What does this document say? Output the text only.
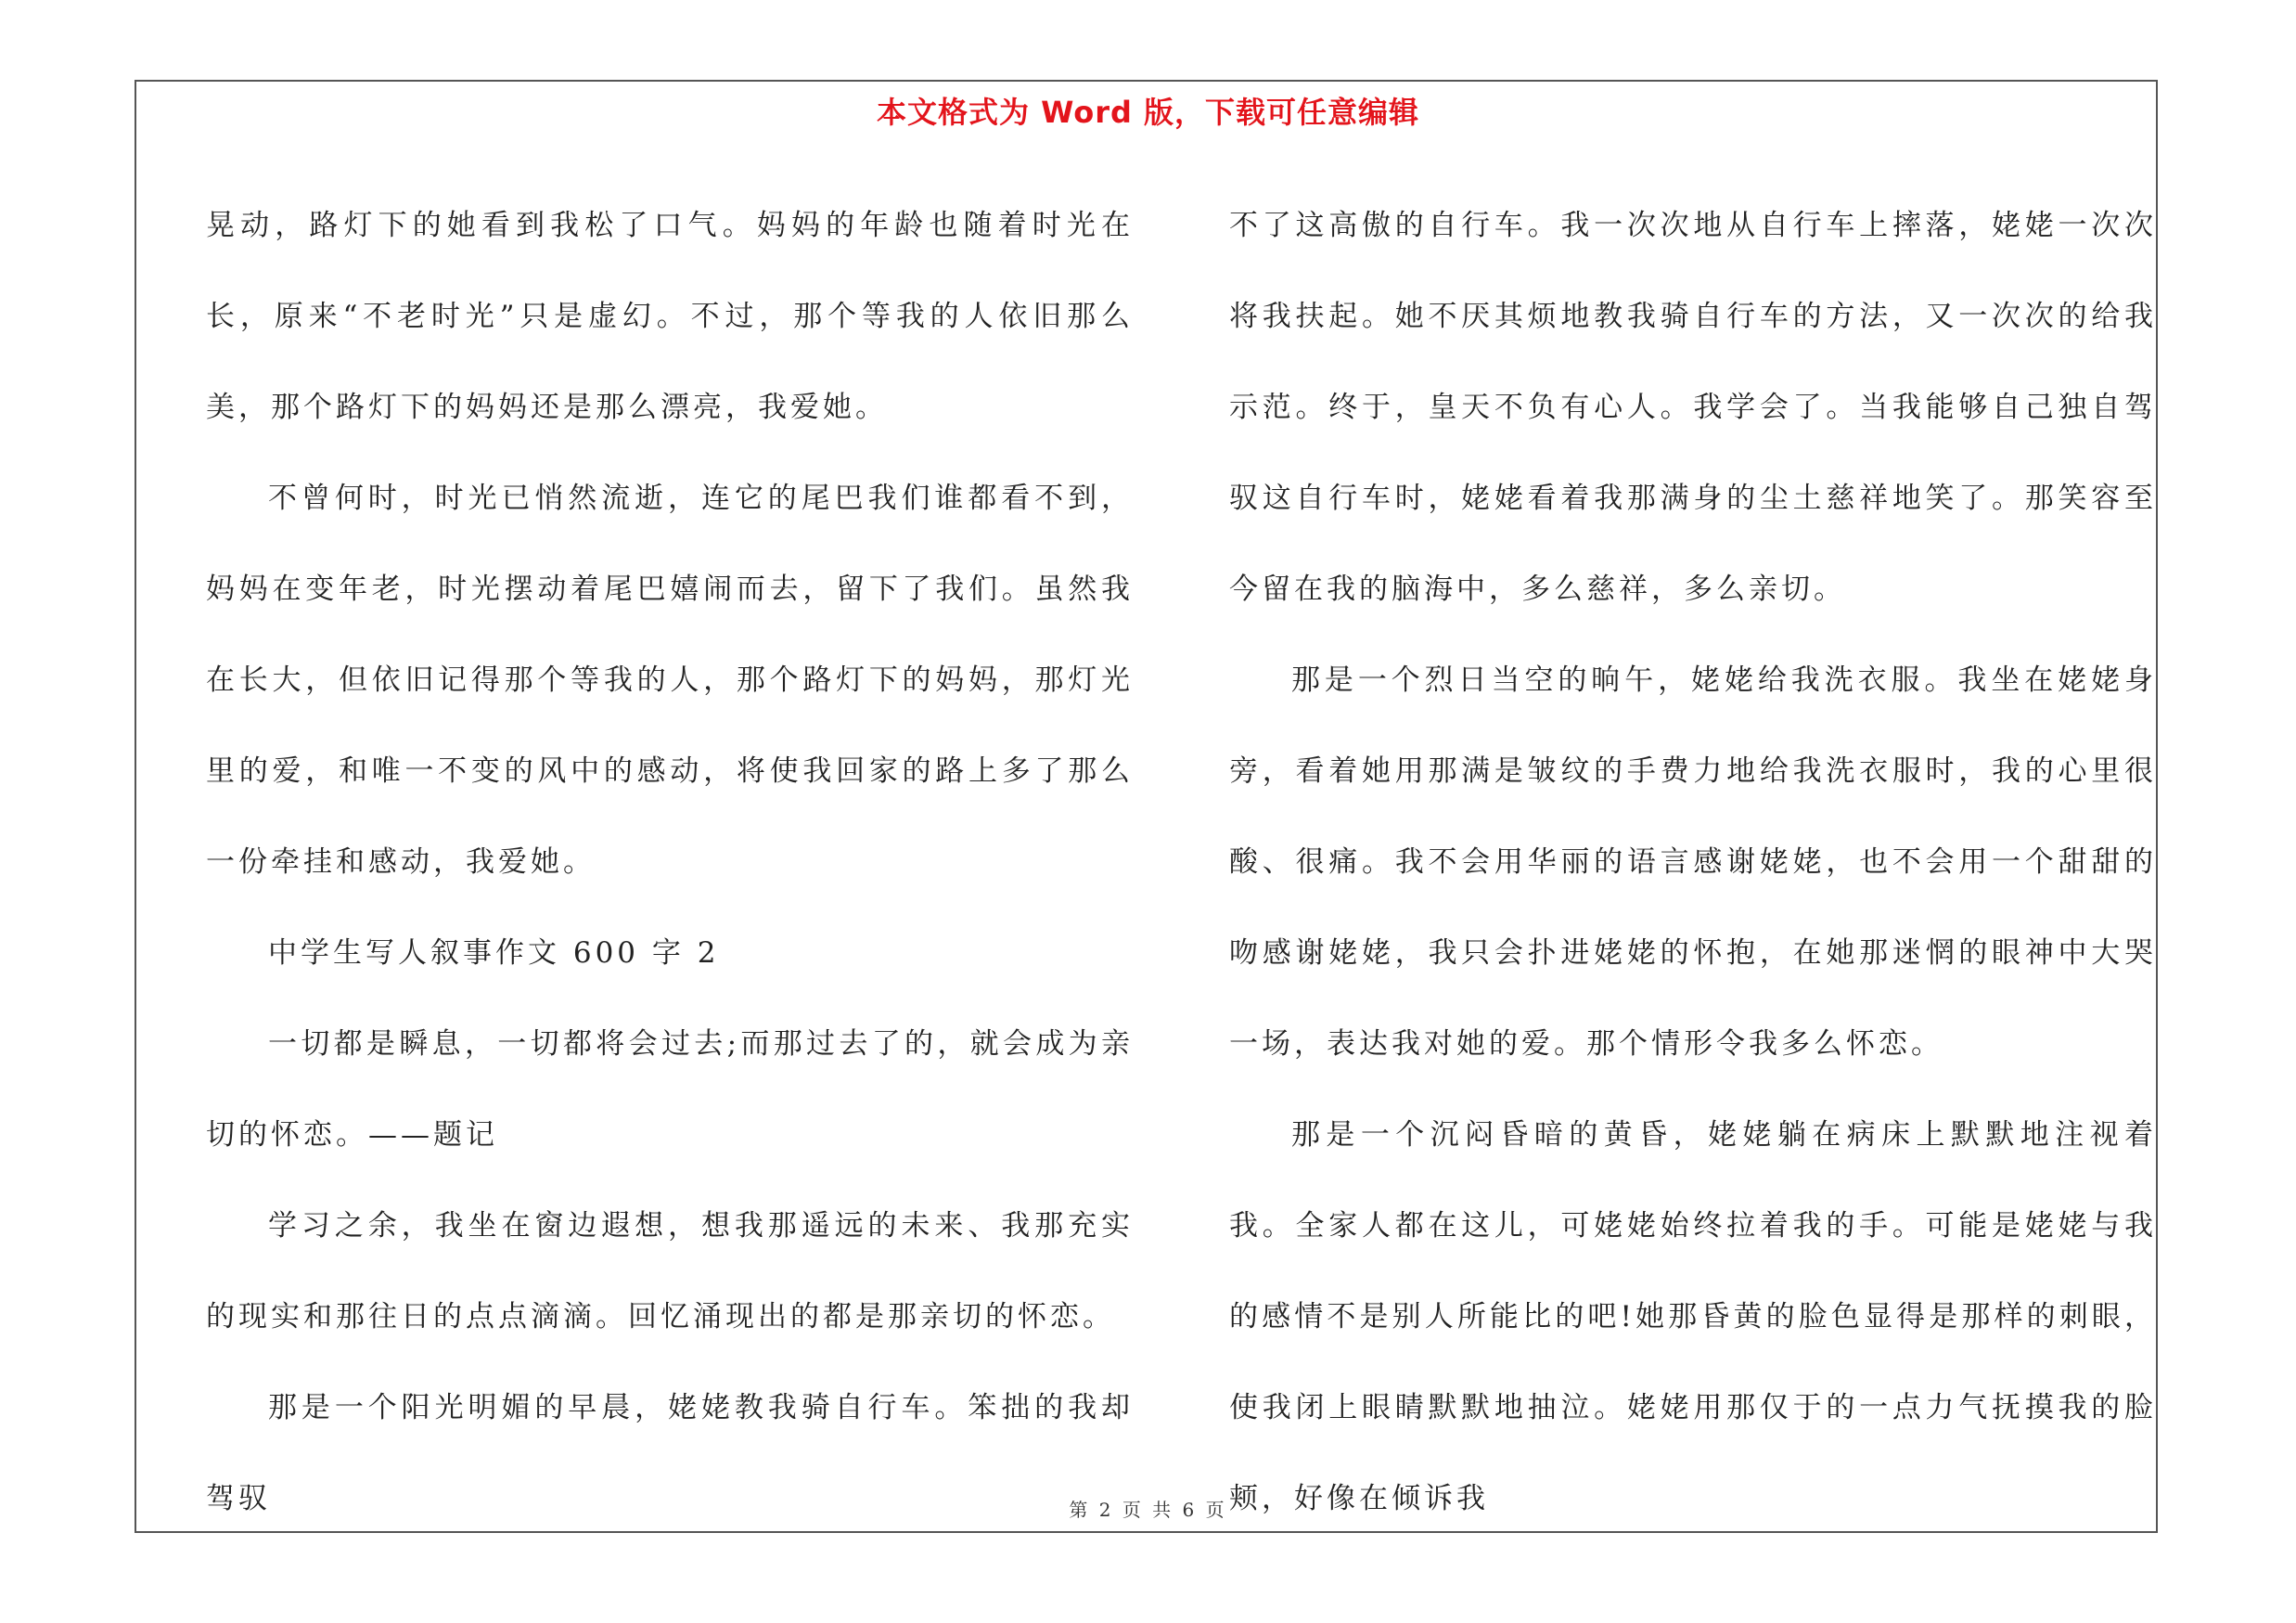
本文格式为 Word 版，下载可任意编辑

晃动，路灯下的她看到我松了口气。妈妈的年龄也随着时光在长，原来“不老时光”只是虚幻。不过，那个等我的人依旧那么美，那个路灯下的妈妈还是那么漂亮，我爱她。

不曾何时，时光已悄然流逝，连它的尾巴我们谁都看不到，妈妈在变年老，时光摆动着尾巴嬉闹而去，留下了我们。虽然我在长大，但依旧记得那个等我的人，那个路灯下的妈妈，那灯光里的爱，和唯一不变的风中的感动，将使我回家的路上多了那么一份牵挂和感动，我爱她。

中学生写人叙事作文 600 字 2

一切都是瞬息，一切都将会过去;而那过去了的，就会成为亲切的怀恋。——题记

学习之余，我坐在窗边遐想，想我那遥远的未来、我那充实的现实和那往日的点点滴滴。回忆涌现出的都是那亲切的怀恋。

那是一个阳光明媚的早晨，姥姥教我骑自行车。笨拙的我却驾驭

不了这高傲的自行车。我一次次地从自行车上摔落，姥姥一次次将我扶起。她不厌其烦地教我骑自行车的方法，又一次次的给我示范。终于，皇天不负有心人。我学会了。当我能够自己独自驾驭这自行车时，姥姥看着我那满身的尘土慈祥地笑了。那笑容至今留在我的脑海中，多么慈祥，多么亲切。

那是一个烈日当空的晌午，姥姥给我洗衣服。我坐在姥姥身旁，看着她用那满是皱纹的手费力地给我洗衣服时，我的心里很酸、很痛。我不会用华丽的语言感谢姥姥，也不会用一个甜甜的吻感谢姥姥，我只会扑进姥姥的怀抱，在她那迷惘的眼神中大哭一场，表达我对她的爱。那个情形令我多么怀恋。

那是一个沉闷昏暗的黄昏，姥姥躺在病床上默默地注视着我。全家人都在这儿，可姥姥始终拉着我的手。可能是姥姥与我的感情不是别人所能比的吧!她那昏黄的脸色显得是那样的刺眼，使我闭上眼睛默默地抽泣。姥姥用那仅于的一点力气抚摸我的脸颊，好像在倾诉我

第 2 页 共 6 页
